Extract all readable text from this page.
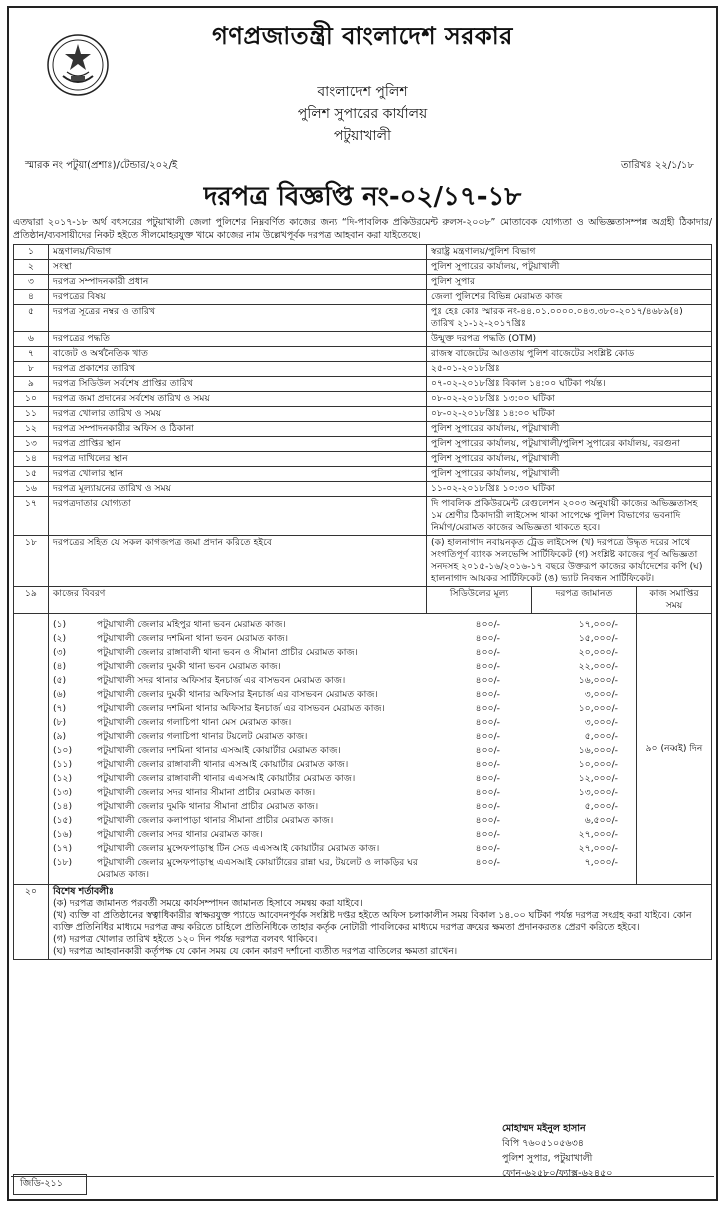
গণপ্রজাতন্ত্রী বাংলাদেশ সরকার
বাংলাদেশ পুলিশ
পুলিশ সুপারের কার্যালয়
পটুয়াখালী
স্মারক নং পটুয়া(প্রশাঃ)/টেন্ডার/২০২/ই	তারিখঃ ২২/১/১৮
দরপত্র বিজ্ঞপ্তি নং-০২/১৭-১৮
এতদ্বারা ২০১৭-১৮ অর্থ বৎসরের পটুয়াখালী জেলা পুলিশের নিম্নবর্ণিত কাজের জন্য “দি-পাবলিক প্রকিউরমেন্ট রুলস-২০০৮” মোতাবেক যোগ্যতা ও অভিজ্ঞতাসম্পন্ন অগ্রহী ঠিকাদার/প্রতিষ্ঠান/ব্যবসায়ীদের নিকট হইতে সীলমোহরযুক্ত খামে কাজের নাম উল্লেখপূর্বক দরপত্র আহবান করা যাইতেছে।
১	মন্ত্রণালয়/বিভাগ	স্বরাষ্ট্র মন্ত্রণালয়/পুলিশ বিভাগ
২	সংস্থা	পুলিশ সুপারের কার্যালয়, পটুয়াখালী
৩	দরপত্র সম্পাদনকারী প্রধান	পুলিশ সুপার
৪	দরপত্রের বিষয়	জেলা পুলিশের বিভিন্ন মেরামত কাজ
৫	দরপত্র সূত্রের নম্বর ও তারিখ	পুঃ হেঃ কোঃ স্মারক নং-৪৪.০১.০০০০.০৪৩.৩৮০-২০১৭/৪৬৮৯(৪) তারিখ ২১-১২-২০১৭খ্রিঃ
৬	দরপত্রের পদ্ধতি	উন্মুক্ত দরপত্র পদ্ধতি (OTM)
৭	বাজেট ও অর্থনৈতিক খাত	রাজস্ব বাজেটের আওতায় পুলিশ বাজেটের সংশ্লিষ্ট কোড
৮	দরপত্র প্রকাশের তারিখ	২৫-০১-২০১৮খ্রিঃ
৯	দরপত্র সিডিউল সর্বশেষ প্রাপ্তির তারিখ	০৭-০২-২০১৮খ্রিঃ বিকাল ১৪:০০ ঘটিকা পর্যন্ত।
১০	দরপত্র জমা প্রদানের সর্বশেষ তারিখ ও সময়	০৮-০২-২০১৮খ্রিঃ ১৩:০০ ঘটিকা
১১	দরপত্র খোলার তারিখ ও সময়	০৮-০২-২০১৮খ্রিঃ ১৪:০০ ঘটিকা
১২	দরপত্র সম্পাদনকারীর অফিস ও ঠিকানা	পুলিশ সুপারের কার্যালয়, পটুয়াখালী
১৩	দরপত্র প্রাপ্তির স্থান	পুলিশ সুপারের কার্যালয়, পটুয়াখালী/পুলিশ সুপারের কার্যালয়, বরগুনা
১৪	দরপত্র দাখিলের স্থান	পুলিশ সুপারের কার্যালয়, পটুয়াখালী
১৫	দরপত্র খোলার স্থান	পুলিশ সুপারের কার্যালয়, পটুয়াখালী
১৬	দরপত্র মূল্যায়নের তারিখ ও সময়	১১-০২-২০১৮খ্রিঃ ১০:৩০ ঘটিকা
১৭	দরপত্রদাতার যোগ্যতা	দি পাবলিক প্রকিউরমেন্ট রেগুলেশন ২০০৩ অনুযায়ী কাজের অভিজ্ঞতাসহ ১ম শ্রেণীর ঠিকাদারী লাইসেন্স থাকা সাপেক্ষে পুলিশ বিভাগের ভবনাদি নির্মাণ/মেরামত কাজের অভিজ্ঞতা থাকতে হবে।
১৮	দরপত্রের সহিত যে সকল কাগজপত্র জমা প্রদান করিতে হইবে	(ক) হালনাগাদ নবায়নকৃত ট্রেড লাইসেন্স (খ) দরপত্রে উদ্ধৃত দরের সাথে সংগতিপূর্ণ ব্যাংক সলভেন্সি সার্টিফিকেট (গ) সংশ্লিষ্ট কাজের পূর্ব অভিজ্ঞতা সনদসহ ২০১৫-১৬/২০১৬-১৭ বছরে উক্তরূপ কাজের কার্যাদেশের কপি (ঘ) হালনাগাদ আয়কর সার্টিফিকেট (ঙ) ভ্যাট নিবন্ধন সার্টিফিকেট।
১৯	কাজের বিবরণ	সিডিউলের মূল্য	দরপত্র জামানত	কাজ সমাপ্তির সময়

(১)	পটুয়াখালী জেলার মহিপুর থানা ভবন মেরামত কাজ।	৪০০/-	১৭,০০০/-
(২)	পটুয়াখালী জেলার দশমিনা থানা ভবন মেরামত কাজ।	৪০০/-	১৫,০০০/-
(৩)	পটুয়াখালী জেলার রাঙ্গাবালী থানা ভবন ও সীমানা প্রাচীর মেরামত কাজ।	৪০০/-	২০,০০০/-
(৪)	পটুয়াখালী জেলার দুমকী থানা ভবন মেরামত কাজ।	৪০০/-	২২,০০০/-
(৫)	পটুয়াখালী সদর থানার অফিসার ইনচার্জ এর বাসভবন মেরামত কাজ।	৪০০/-	১৬,০০০/-
(৬)	পটুয়াখালী জেলার দুমকী থানার অফিসার ইনচার্জ এর বাসভবন মেরামত কাজ।	৪০০/-	৩,০০০/-
(৭)	পটুয়াখালী জেলার দশমিনা থানার অফিসার ইনচার্জ এর বাসভবন মেরামত কাজ।	৪০০/-	১০,০০০/-
(৮)	পটুয়াখালী জেলার গলাচিপা থানা মেস মেরামত কাজ।	৪০০/-	৩,০০০/-
(৯)	পটুয়াখালী জেলার গলাচিপা থানার টয়লেট মেরামত কাজ।	৪০০/-	৫,০০০/-
(১০)	পটুয়াখালী জেলার দশমিনা থানার এসআই কোয়ার্টার মেরামত কাজ।	৪০০/-	১৬,০০০/-
(১১)	পটুয়াখালী জেলার রাঙ্গাবালী থানার এসআই কোয়ার্টার মেরামত কাজ।	৪০০/-	১০,০০০/-
(১২)	পটুয়াখালী জেলার রাঙ্গাবালী থানার এএসআই কোয়ার্টার মেরামত কাজ।	৪০০/-	১২,০০০/-
(১৩)	পটুয়াখালী জেলার সদর থানার সীমানা প্রাচীর মেরামত কাজ।	৪০০/-	১৩,০০০/-
(১৪)	পটুয়াখালী জেলার দুমকি থানার সীমানা প্রাচীর মেরামত কাজ।	৪০০/-	৫,০০০/-
(১৫)	পটুয়াখালী জেলার কলাপাড়া থানার সীমানা প্রাচীর মেরামত কাজ।	৪০০/-	৬,৫০০/-
(১৬)	পটুয়াখালী জেলার সদর থানার মেরামত কাজ।	৪০০/-	২৭,০০০/-
(১৭)	পটুয়াখালী জেলার মুন্সেফপাড়াস্থ টিন সেড এএসআই কোয়ার্টার মেরামত কাজ।	৪০০/-	২৭,০০০/-
(১৮)	পটুয়াখালী জেলার মুন্সেফপাড়াস্থ এএসআই কোয়ার্টারের রান্না ঘর, টয়লেট ও লাকড়ির ঘর মেরামত কাজ।	৪০০/-	৭,০০০/-
	৯০ (নব্বই) দিন
২০	বিশেষ শর্তাবলীঃ
(ক) দরপত্র জামানত পরবর্তী সময়ে কার্যসম্পাদন জামানত হিসাবে সমন্বয় করা যাইবে।
(খ) ব্যক্তি বা প্রতিষ্ঠানের স্বত্বাধিকারীর স্বাক্ষরযুক্ত প্যাডে আবেদনপূর্বক সংশ্লিষ্ট দপ্তর হইতে অফিস চলাকালীন সময় বিকাল ১৪.০০ ঘটিকা পর্যন্ত দরপত্র সংগ্রহ করা যাইবে। কোন ব্যক্তি প্রতিনিধির মাধ্যমে দরপত্র ক্রয় করিতে চাহিলে প্রতিনিধিকে তাহার কর্তৃক নোটারী পাবলিকের মাধ্যমে দরপত্র ক্রয়ের ক্ষমতা প্রদানকরতঃ প্রেরণ করিতে হইবে।
(গ) দরপত্র খোলার তারিখ হইতে ১২০ দিন পর্যন্ত দরপত্র বলবৎ থাকিবে।
(ঘ) দরপত্র আহবানকারী কর্তৃপক্ষ যে কোন সময় যে কোন কারণ দর্শানো ব্যতীত দরপত্র বাতিলের ক্ষমতা রাখেন।
মোহাম্মদ মইনুল হাসান
বিপি ৭৬০৫১০৫৬৩৪
পুলিশ সুপার, পটুয়াখালী
ফোন-৬২৫৮০/ফ্যাক্স-৬২৪৫০
জিডি-২১১
